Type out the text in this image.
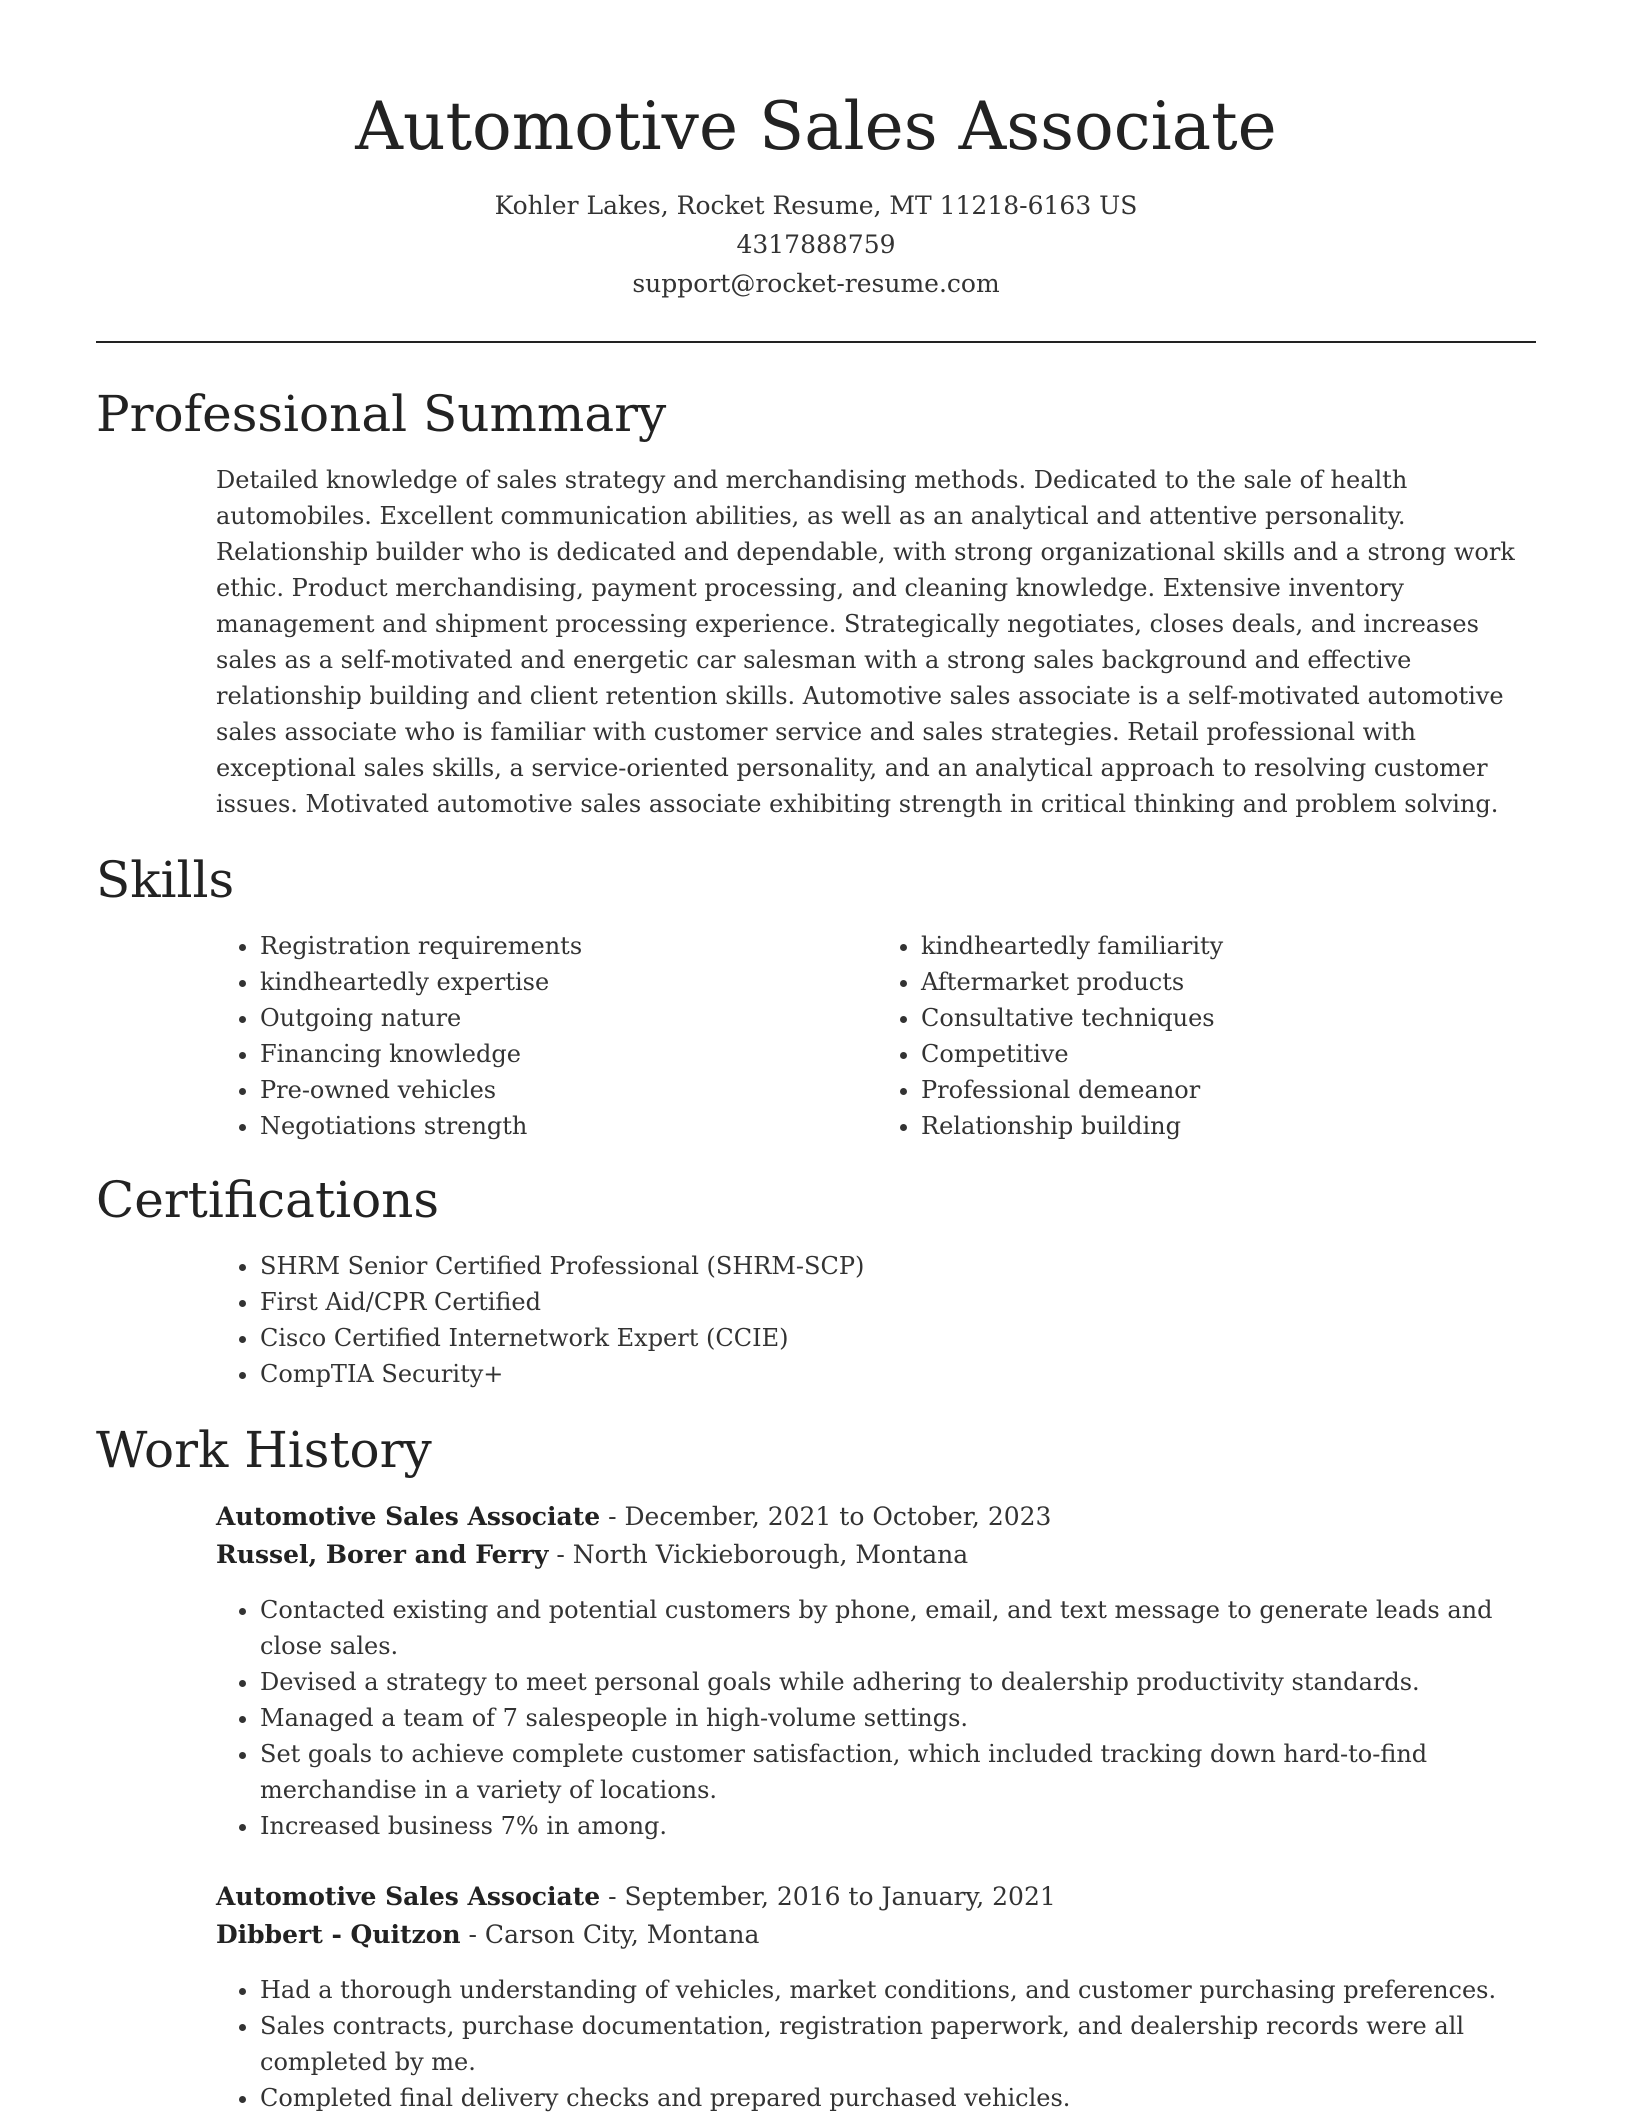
Automotive Sales Associate
Kohler Lakes, Rocket Resume, MT 11218-6163 US
4317888759
support@rocket-resume.com
Professional Summary

Detailed knowledge of sales strategy and merchandising methods. Dedicated to the sale of health automobiles. Excellent communication abilities, as well as an analytical and attentive personality. Relationship builder who is dedicated and dependable, with strong organizational skills and a strong work ethic. Product merchandising, payment processing, and cleaning knowledge. Extensive inventory management and shipment processing experience. Strategically negotiates, closes deals, and increases sales as a self-motivated and energetic car salesman with a strong sales background and effective relationship building and client retention skills. Automotive sales associate is a self-motivated automotive sales associate who is familiar with customer service and sales strategies. Retail professional with exceptional sales skills, a service-oriented personality, and an analytical approach to resolving customer issues. Motivated automotive sales associate exhibiting strength in critical thinking and problem solving.

Skills
• Registration requirements
• kindheartedly expertise
• Outgoing nature
• Financing knowledge
• Pre-owned vehicles
• Negotiations strength
• kindheartedly familiarity
• Aftermarket products
• Consultative techniques
• Competitive
• Professional demeanor
• Relationship building
Certifications
• SHRM Senior Certified Professional (SHRM-SCP)
• First Aid/CPR Certified
• Cisco Certified Internetwork Expert (CCIE)
• CompTIA Security+
Work History
Automotive Sales Associate - December, 2021 to October, 2023
Russel, Borer and Ferry - North Vickieborough, Montana
• Contacted existing and potential customers by phone, email, and text message to generate leads and close sales.
• Devised a strategy to meet personal goals while adhering to dealership productivity standards.
• Managed a team of 7 salespeople in high-volume settings.
• Set goals to achieve complete customer satisfaction, which included tracking down hard-to-find merchandise in a variety of locations.
• Increased business 7% in among.
Automotive Sales Associate - September, 2016 to January, 2021
Dibbert - Quitzon - Carson City, Montana
• Had a thorough understanding of vehicles, market conditions, and customer purchasing preferences.
• Sales contracts, purchase documentation, registration paperwork, and dealership records were all completed by me.
• Completed final delivery checks and prepared purchased vehicles.
